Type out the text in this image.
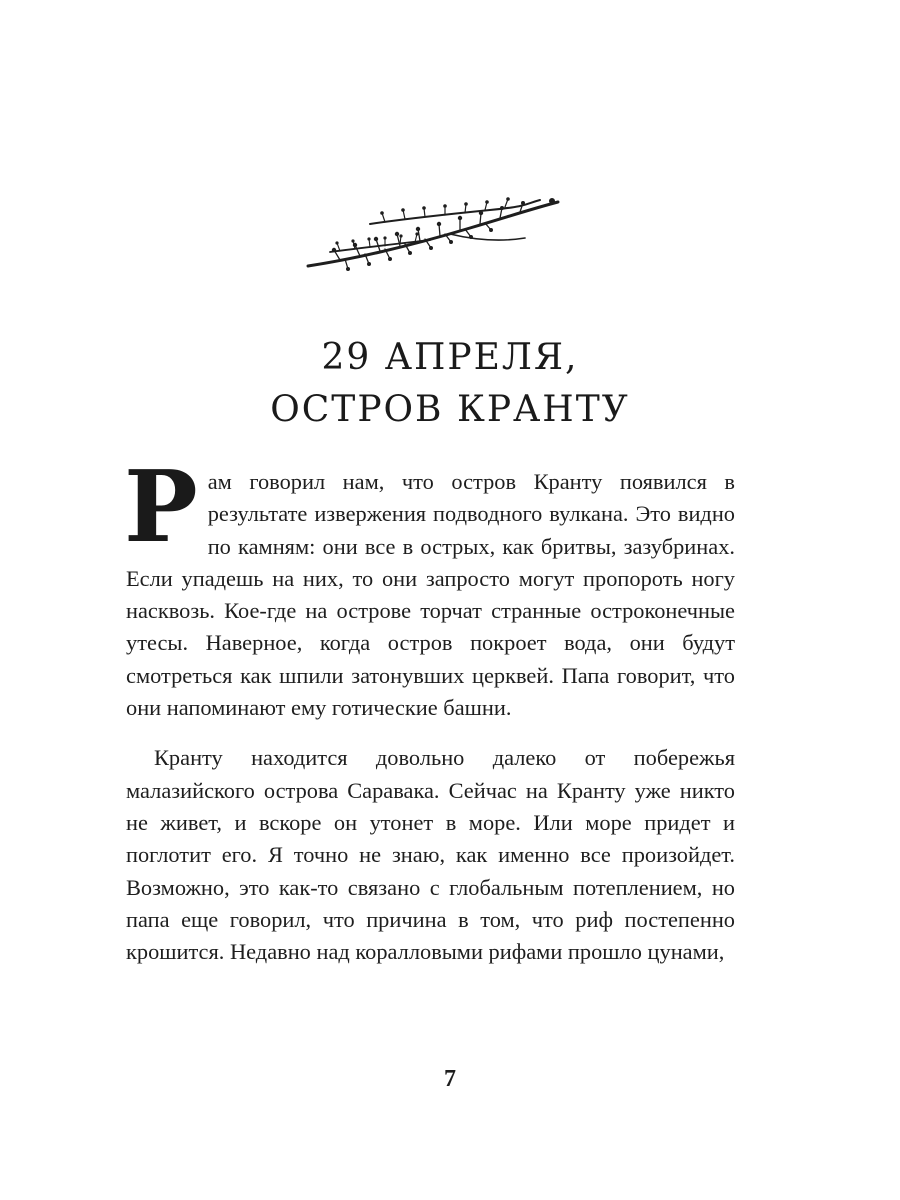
29 АПРЕЛЯ,
ОСТРОВ КРАНТУ

Рам говорил нам, что остров Кранту появился в результате извержения подводного вулкана. Это видно по камням: они все в острых, как бритвы, зазубринах. Если упадешь на них, то они запросто могут пропороть ногу насквозь. Кое-где на острове торчат странные остроконечные утесы. Наверное, когда остров покроет вода, они будут смотреться как шпили затонувших церквей. Папа говорит, что они напоминают ему готические башни.

Кранту находится довольно далеко от побережья малазийского острова Саравака. Сейчас на Кранту уже никто не живет, и вскоре он утонет в море. Или море придет и поглотит его. Я точно не знаю, как именно все произойдет. Возможно, это как-то связано с глобальным потеплением, но папа еще говорил, что причина в том, что риф постепенно крошится. Недавно над коралловыми рифами прошло цунами,

7
